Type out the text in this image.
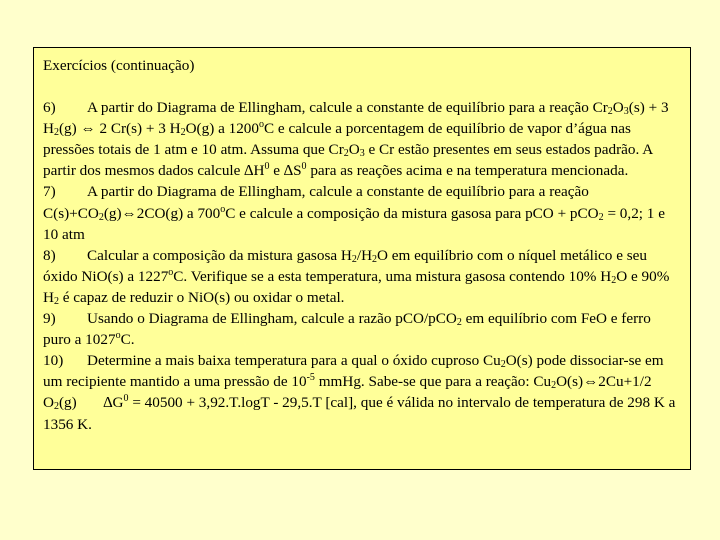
Exercícios (continuação)

6) A partir do Diagrama de Ellingham, calcule a constante de equilíbrio para a reação $Cr_2O_3(s) + 3$ $H_2(g)$ ⇔ 2 Cr(s) + 3 $H_2O(g)$ a 1200$^o$C e calcule a porcentagem de equilíbrio de vapor d’água nas pressões totais de 1 atm e 10 atm. Assuma que $Cr_2O_3$ e Cr estão presentes em seus estados padrão. A partir dos mesmos dados calcule $\Delta H^0$ e $\Delta S^0$ para as reações acima e na temperatura mencionada.

7) A partir do Diagrama de Ellingham, calcule a constante de equilíbrio para a reação $C(s)+CO_2(g)\Leftrightarrow 2CO(g)$ a 700$^o$C e calcule a composição da mistura gasosa para pCO + pCO$_2$ = 0,2; 1 e 10 atm

8) Calcular a composição da mistura gasosa $H_2/H_2O$ em equilíbrio com o níquel metálico e seu óxido NiO(s) a 1227$^o$C. Verifique se a esta temperatura, uma mistura gasosa contendo 10% $H_2O$ e 90% $H_2$ é capaz de reduzir o NiO(s) ou oxidar o metal.

9) Usando o Diagrama de Ellingham, calcule a razão pCO/pCO$_2$ em equilíbrio com FeO e ferro puro a 1027$^o$C.

10) Determine a mais baixa temperatura para a qual o óxido cuproso $Cu_2O(s)$ pode dissociar-se em um recipiente mantido a uma pressão de $10^{-5}$ mmHg. Sabe-se que para a reação: $Cu_2O(s)\Leftrightarrow 2Cu+1/2$ $O_2(g)$       $\Delta G^0 = 40500 + 3,92.T.\log T - 29,5.T$ [cal], que é válida no intervalo de temperatura de 298 K a 1356 K.
